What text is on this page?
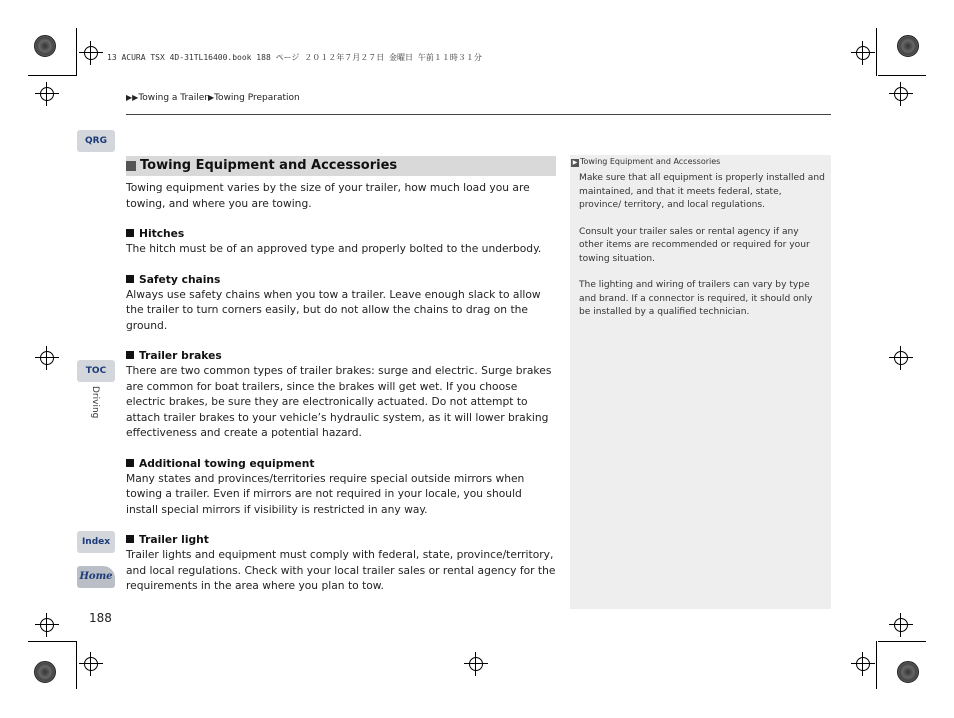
13 ACURA TSX 4D-31TL16400.book 188 ページ ２０１２年７月２７日 金曜日 午前１１時３１分
▶▶Towing a Trailer▶Towing Preparation
QRG
TOC
Driving
Index
Home
188
Towing Equipment and Accessories

Towing equipment varies by the size of your trailer, how much load you are towing, and where you are towing.

Hitches

The hitch must be of an approved type and properly bolted to the underbody.

Safety chains

Always use safety chains when you tow a trailer. Leave enough slack to allow the trailer to turn corners easily, but do not allow the chains to drag on the ground.

Trailer brakes

There are two common types of trailer brakes: surge and electric. Surge brakes are common for boat trailers, since the brakes will get wet. If you choose electric brakes, be sure they are electronically actuated. Do not attempt to attach trailer brakes to your vehicle’s hydraulic system, as it will lower braking effectiveness and create a potential hazard.

Additional towing equipment

Many states and provinces/territories require special outside mirrors when towing a trailer. Even if mirrors are not required in your locale, you should install special mirrors if visibility is restricted in any way.

Trailer light

Trailer lights and equipment must comply with federal, state, province/territory, and local regulations. Check with your local trailer sales or rental agency for the requirements in the area where you plan to tow.

▶ Towing Equipment and Accessories

Make sure that all equipment is properly installed and maintained, and that it meets federal, state, province/ territory, and local regulations.

Consult your trailer sales or rental agency if any other items are recommended or required for your towing situation.

The lighting and wiring of trailers can vary by type and brand. If a connector is required, it should only be installed by a qualified technician.
